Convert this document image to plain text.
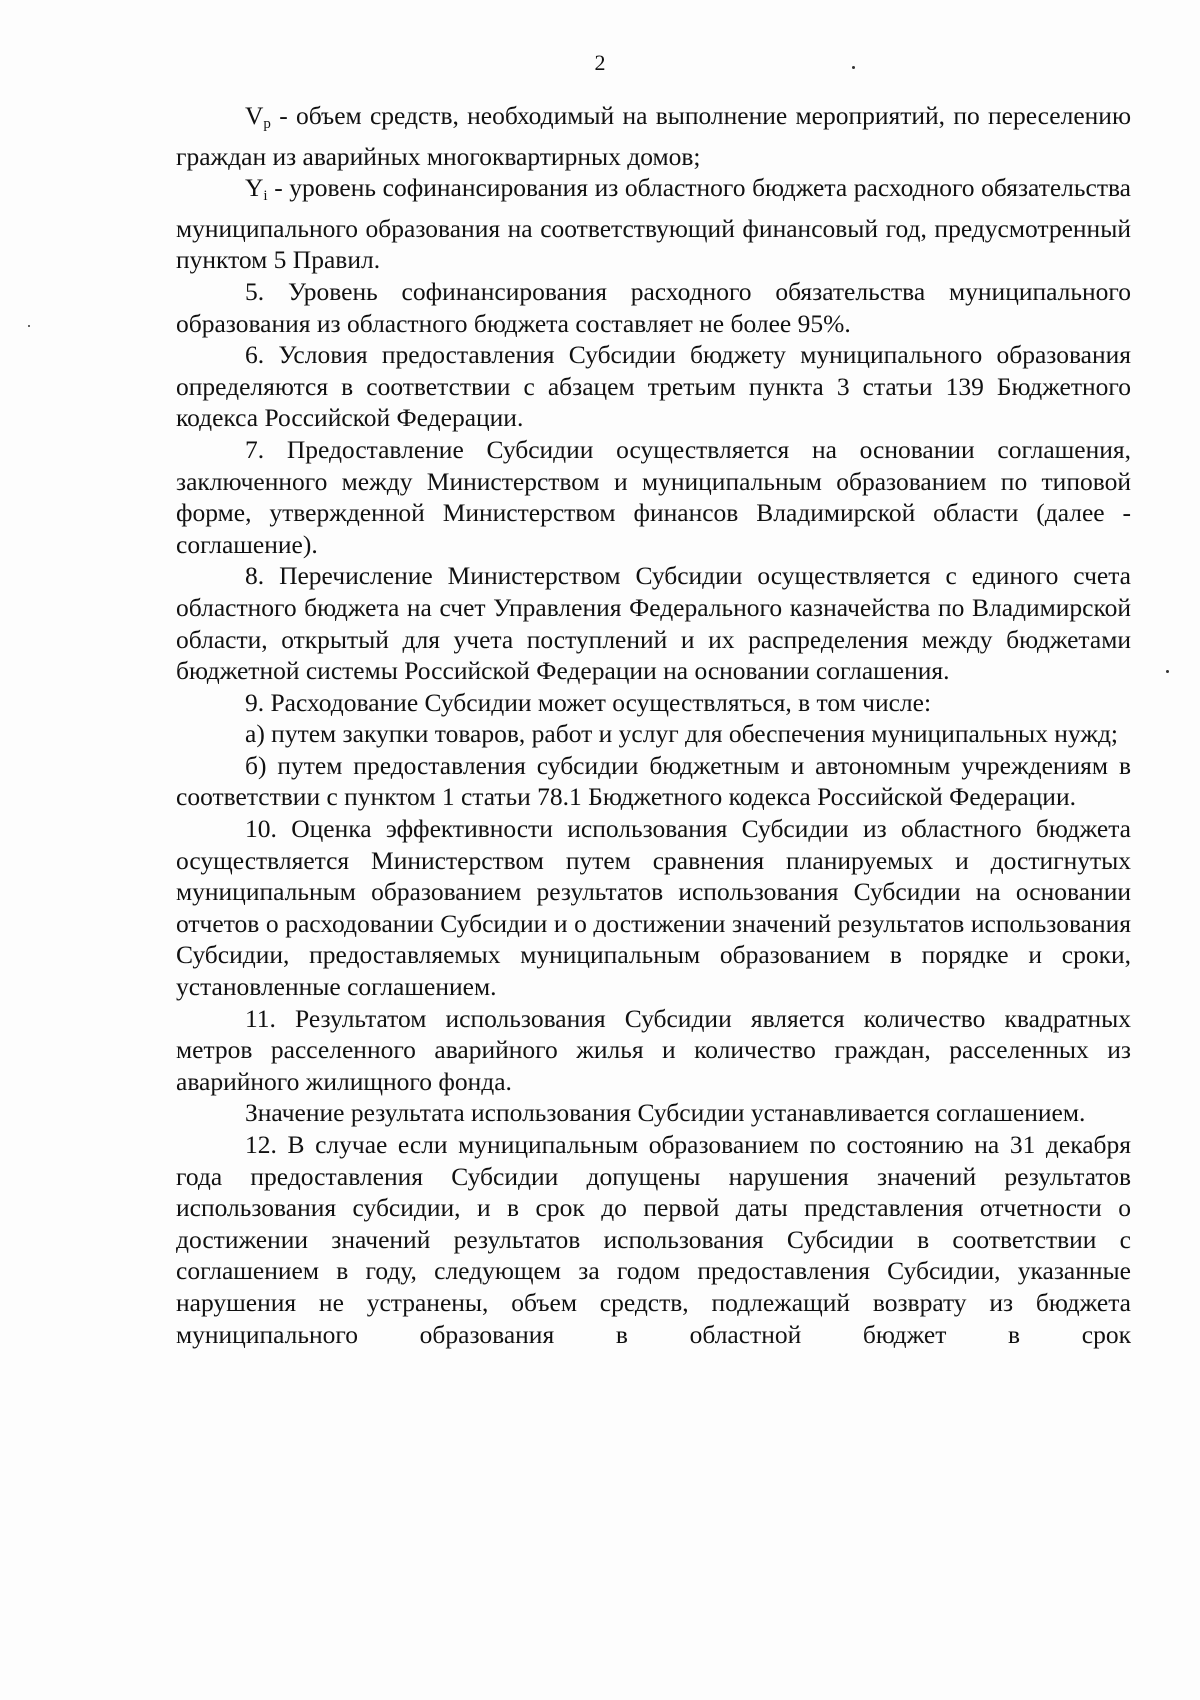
2

$V_p$ - объем средств, необходимый на выполнение мероприятий, по переселению граждан из аварийных многоквартирных домов;

$Y_i$ - уровень софинансирования из областного бюджета расходного обязательства муниципального образования на соответствующий финансовый год, предусмотренный пунктом 5 Правил.

5. Уровень софинансирования расходного обязательства муниципального образования из областного бюджета составляет не более 95%.

6. Условия предоставления Субсидии бюджету муниципального образования определяются в соответствии с абзацем третьим пункта 3 статьи 139 Бюджетного кодекса Российской Федерации.

7. Предоставление Субсидии осуществляется на основании соглашения, заключенного между Министерством и муниципальным образованием по типовой форме, утвержденной Министерством финансов Владимирской области (далее - соглашение).

8. Перечисление Министерством Субсидии осуществляется с единого счета областного бюджета на счет Управления Федерального казначейства по Владимирской области, открытый для учета поступлений и их распределения между бюджетами бюджетной системы Российской Федерации на основании соглашения.

9. Расходование Субсидии может осуществляться, в том числе:

а) путем закупки товаров, работ и услуг для обеспечения муниципальных нужд;

б) путем предоставления субсидии бюджетным и автономным учреждениям в соответствии с пунктом 1 статьи 78.1 Бюджетного кодекса Российской Федерации.

10. Оценка эффективности использования Субсидии из областного бюджета осуществляется Министерством путем сравнения планируемых и достигнутых муниципальным образованием результатов использования Субсидии на основании отчетов о расходовании Субсидии и о достижении значений результатов использования Субсидии, предоставляемых муниципальным образованием в порядке и сроки, установленные соглашением.

11. Результатом использования Субсидии является количество квадратных метров расселенного аварийного жилья и количество граждан, расселенных из аварийного жилищного фонда.

Значение результата использования Субсидии устанавливается соглашением.

12. В случае если муниципальным образованием по состоянию на 31 декабря года предоставления Субсидии допущены нарушения значений результатов использования субсидии, и в срок до первой даты представления отчетности о достижении значений результатов использования Субсидии в соответствии с соглашением в году, следующем за годом предоставления Субсидии, указанные нарушения не устранены, объем средств, подлежащий возврату из бюджета муниципального образования в областной бюджет в срок
